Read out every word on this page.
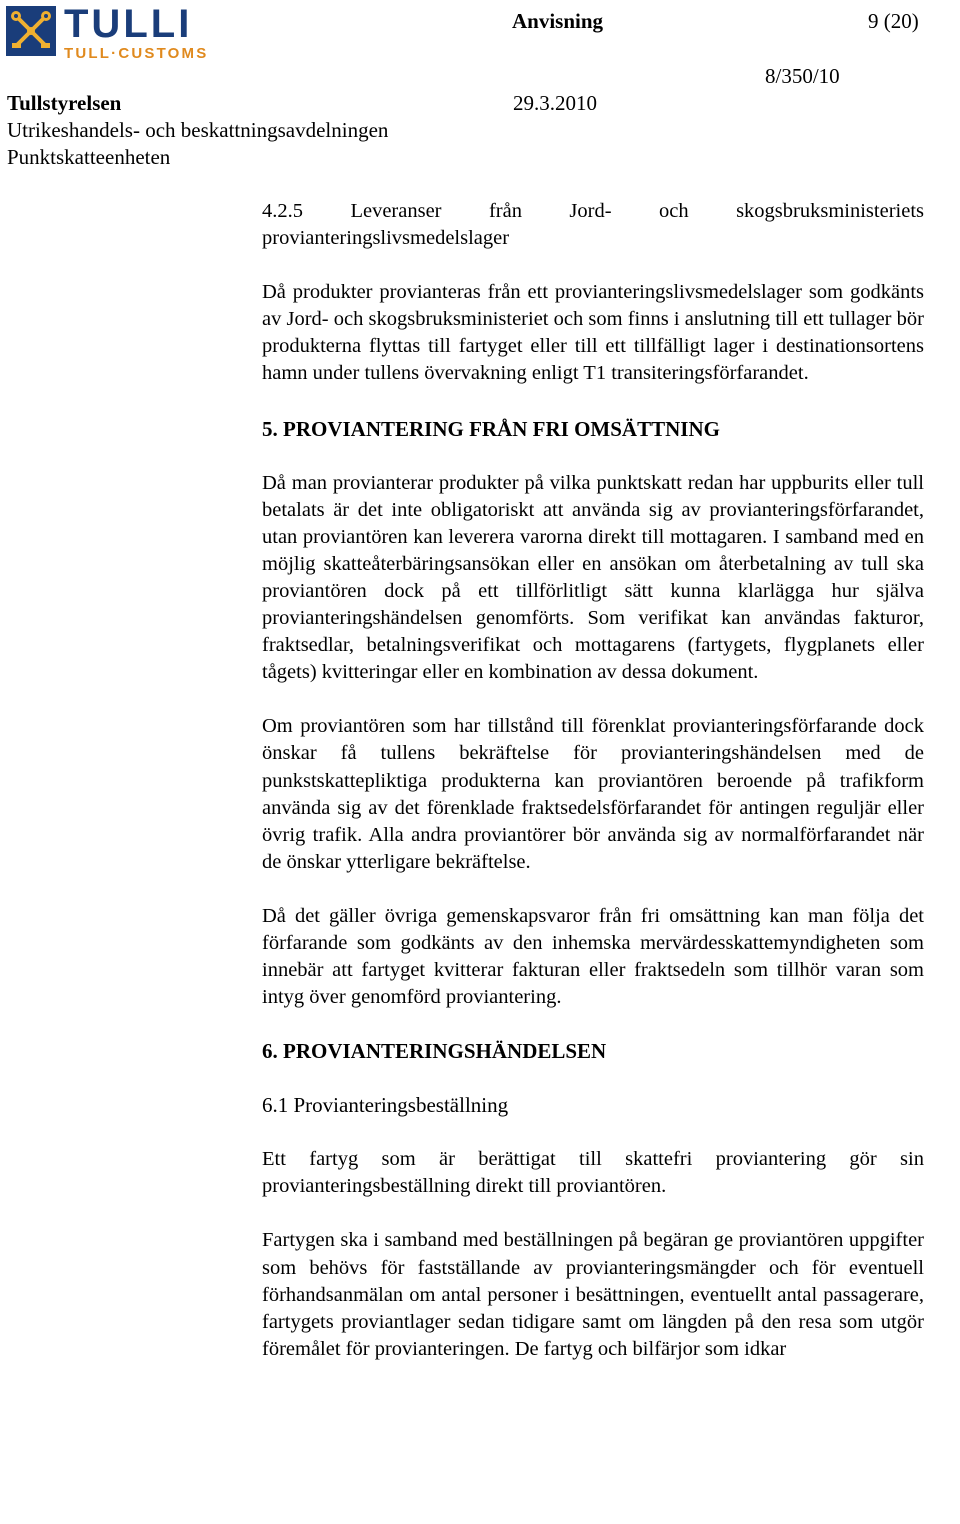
TULLI
TULL·CUSTOMS
Anvisning	9 (20)
8/350/10
Tullstyrelsen	29.3.2010
Utrikeshandels- och beskattningsavdelningen
Punktskatteenheten

4.2.5 Leveranser från Jord- och skogsbruksministeriets provianteringslivsmedelslager

Då produkter provianteras från ett provianteringslivsmedelslager som godkänts av Jord- och skogsbruksministeriet och som finns i anslutning till ett tullager bör produkterna flyttas till fartyget eller till ett tillfälligt lager i destinationsortens hamn under tullens övervakning enligt T1 transiteringsförfarandet.

5. PROVIANTERING FRÅN FRI OMSÄTTNING

Då man provianterar produkter på vilka punktskatt redan har uppburits eller tull betalats är det inte obligatoriskt att använda sig av provianteringsförfarandet, utan proviantören kan leverera varorna direkt till mottagaren. I samband med en möjlig skatteåterbäringsansökan eller en ansökan om återbetalning av tull ska proviantören dock på ett tillförlitligt sätt kunna klarlägga hur själva provianteringshändelsen genomförts. Som verifikat kan användas fakturor, fraktsedlar, betalningsverifikat och mottagarens (fartygets, flygplanets eller tågets) kvitteringar eller en kombination av dessa dokument.

Om proviantören som har tillstånd till förenklat provianteringsförfarande dock önskar få tullens bekräftelse för provianteringshändelsen med de punkstskattepliktiga produkterna kan proviantören beroende på trafikform använda sig av det förenklade fraktsedelsförfarandet för antingen reguljär eller övrig trafik. Alla andra proviantörer bör använda sig av normalförfarandet när de önskar ytterligare bekräftelse.

Då det gäller övriga gemenskapsvaror från fri omsättning kan man följa det förfarande som godkänts av den inhemska mervärdesskattemyndigheten som innebär att fartyget kvitterar fakturan eller fraktsedeln som tillhör varan som intyg över genomförd proviantering.

6. PROVIANTERINGSHÄNDELSEN

6.1 Provianteringsbeställning

Ett fartyg som är berättigat till skattefri proviantering gör sin provianteringsbeställning direkt till proviantören.

Fartygen ska i samband med beställningen på begäran ge proviantören uppgifter som behövs för fastställande av provianteringsmängder och för eventuell förhandsanmälan om antal personer i besättningen, eventuellt antal passagerare, fartygets proviantlager sedan tidigare samt om längden på den resa som utgör föremålet för provianteringen. De fartyg och bilfärjor som idkar
